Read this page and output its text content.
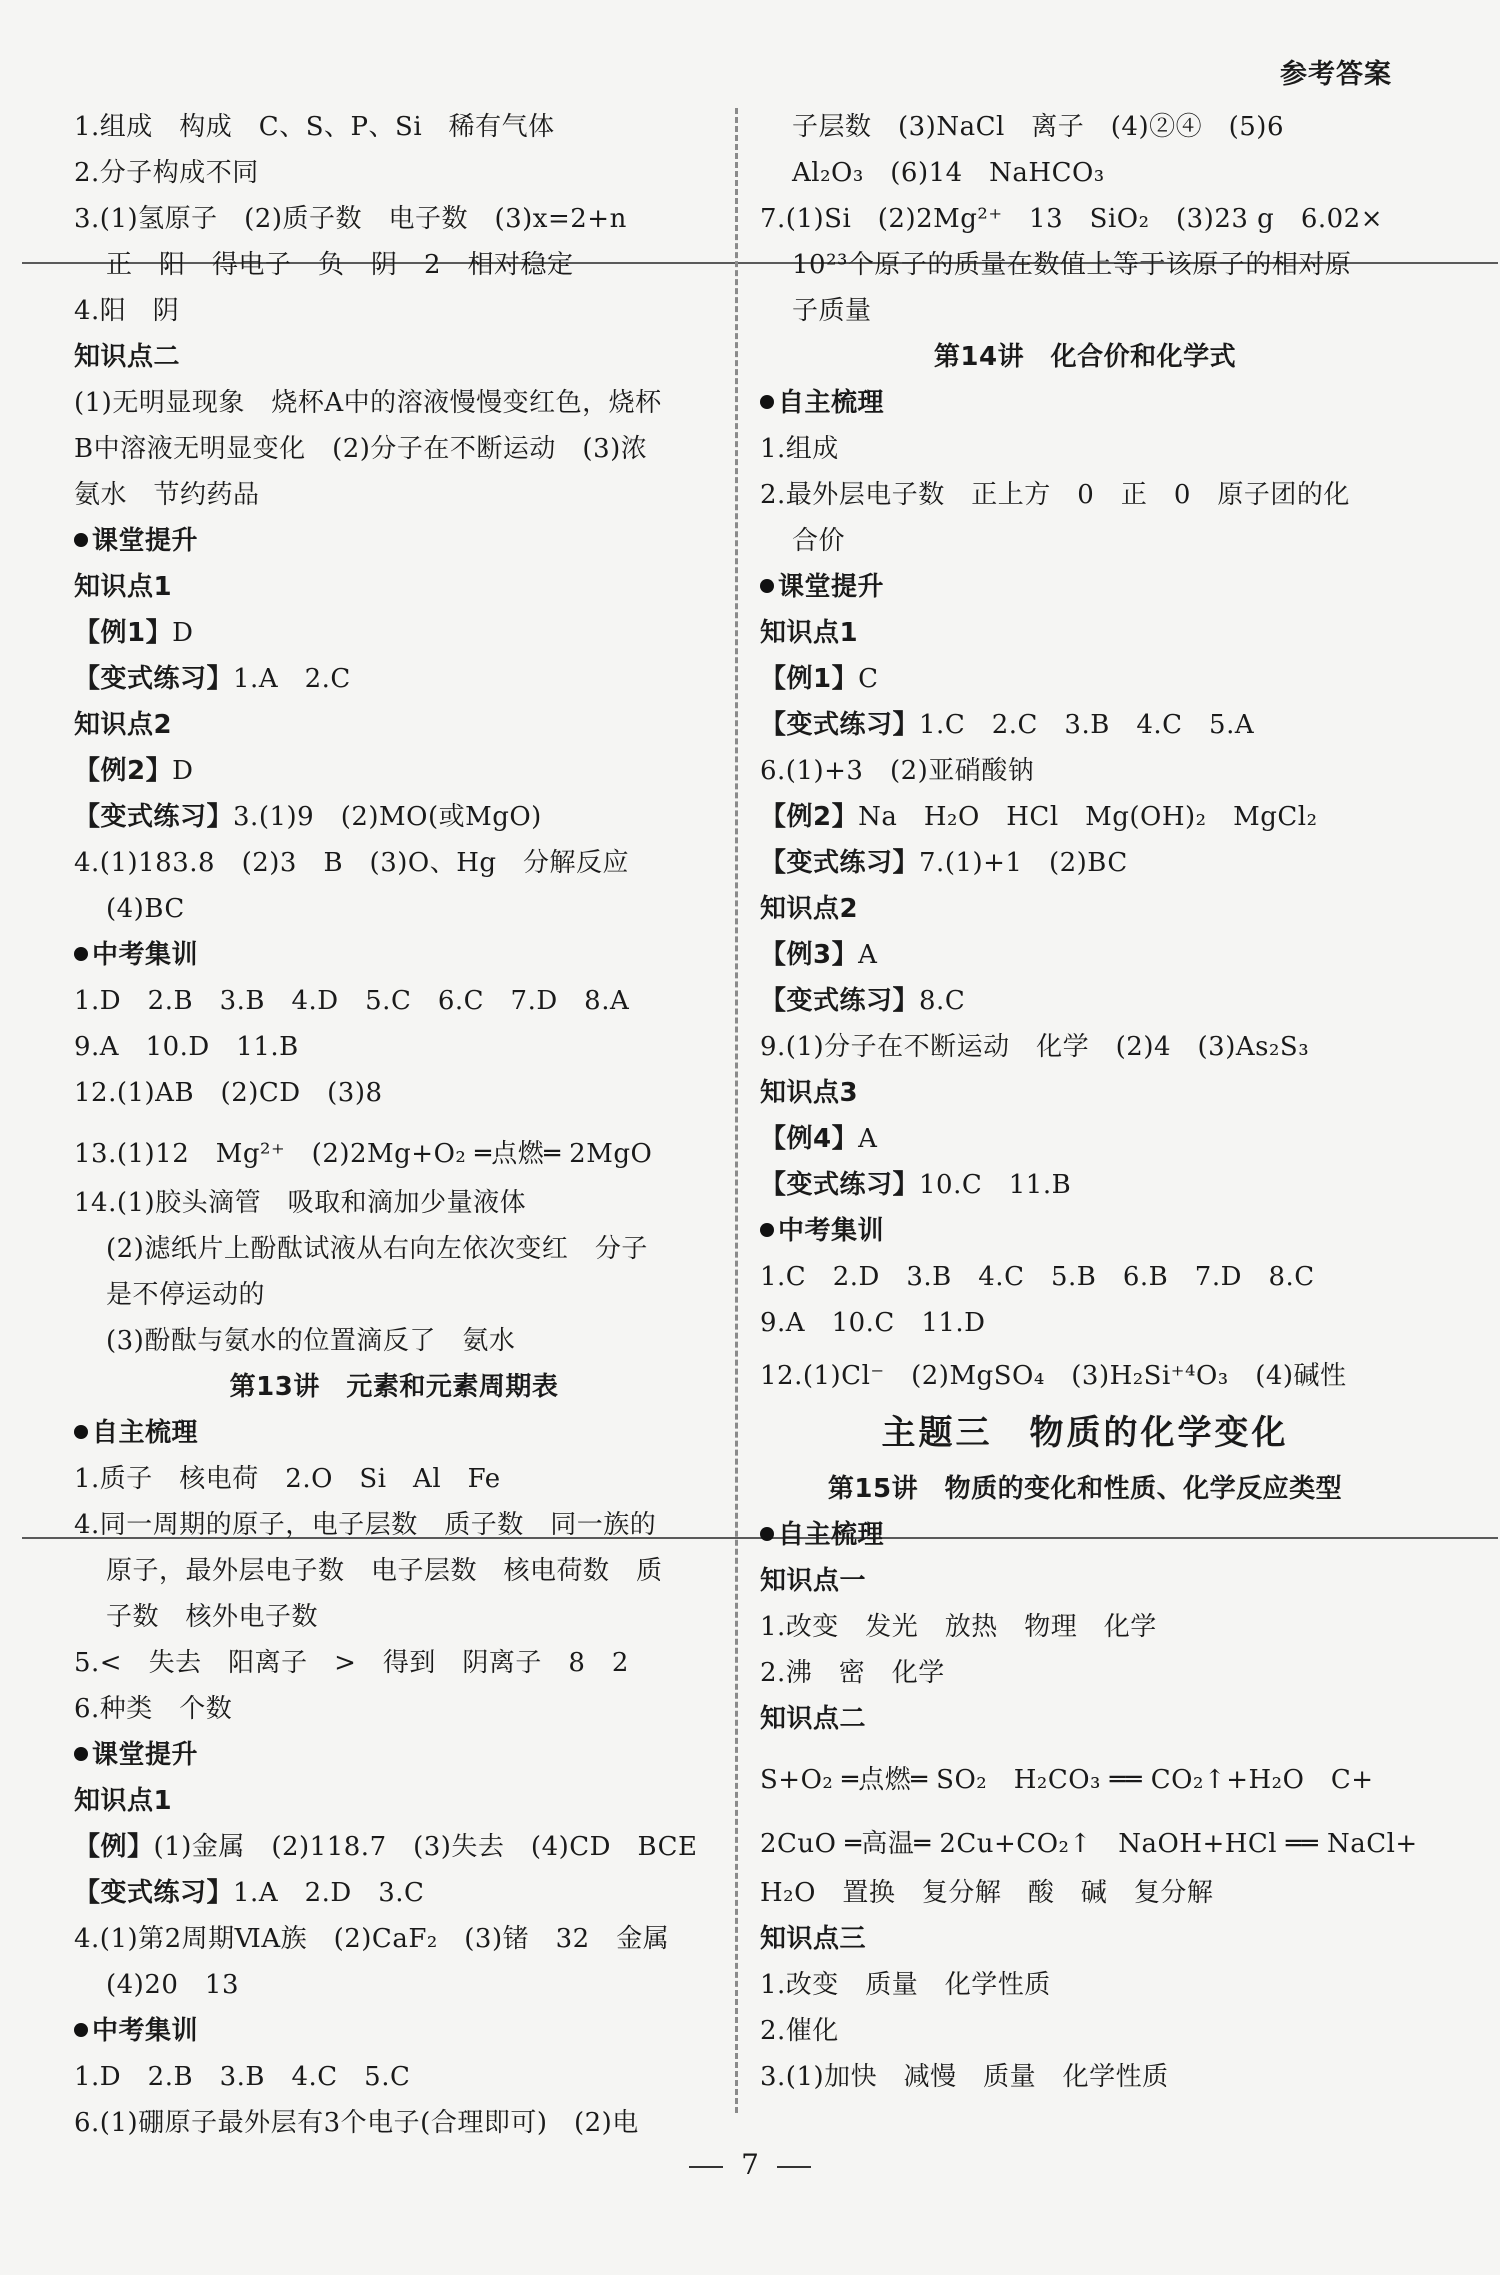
参考答案
1.组成　构成　C、S、P、Si　稀有气体
2.分子构成不同
3.(1)氢原子　(2)质子数　电子数　(3)x=2+n
正　阳　得电子　负　阴　2　相对稳定
4.阳　阴
知识点二
(1)无明显现象　烧杯A中的溶液慢慢变红色，烧杯
B中溶液无明显变化　(2)分子在不断运动　(3)浓
氨水　节约药品
课堂提升
知识点1
【例1】D
【变式练习】1.A　2.C
知识点2
【例2】D
【变式练习】3.(1)9　(2)MO(或MgO)
4.(1)183.8　(2)3　B　(3)O、Hg　分解反应
(4)BC
中考集训
1.D　2.B　3.B　4.D　5.C　6.C　7.D　8.A
9.A　10.D　11.B
12.(1)AB　(2)CD　(3)8
13.(1)12　Mg²⁺　(2)2Mg+O₂ ═点燃═ 2MgO
14.(1)胶头滴管　吸取和滴加少量液体
(2)滤纸片上酚酞试液从右向左依次变红　分子
是不停运动的
(3)酚酞与氨水的位置滴反了　氨水
第13讲　元素和元素周期表
自主梳理
1.质子　核电荷　2.O　Si　Al　Fe
4.同一周期的原子，电子层数　质子数　同一族的
原子，最外层电子数　电子层数　核电荷数　质
子数　核外电子数
5.<　失去　阳离子　>　得到　阴离子　8　2
6.种类　个数
课堂提升
知识点1
【例】(1)金属　(2)118.7　(3)失去　(4)CD　BCE
【变式练习】1.A　2.D　3.C
4.(1)第2周期ⅥA族　(2)CaF₂　(3)锗　32　金属
(4)20　13
中考集训
1.D　2.B　3.B　4.C　5.C
6.(1)硼原子最外层有3个电子(合理即可)　(2)电
子层数　(3)NaCl　离子　(4)②④　(5)6
Al₂O₃　(6)14　NaHCO₃
7.(1)Si　(2)2Mg²⁺　13　SiO₂　(3)23 g　6.02×
10²³个原子的质量在数值上等于该原子的相对原
子质量
第14讲　化合价和化学式
自主梳理
1.组成
2.最外层电子数　正上方　0　正　0　原子团的化
合价
课堂提升
知识点1
【例1】C
【变式练习】1.C　2.C　3.B　4.C　5.A
6.(1)+3　(2)亚硝酸钠
【例2】Na　H₂O　HCl　Mg(OH)₂　MgCl₂
【变式练习】7.(1)+1　(2)BC
知识点2
【例3】A
【变式练习】8.C
9.(1)分子在不断运动　化学　(2)4　(3)As₂S₃
知识点3
【例4】A
【变式练习】10.C　11.B
中考集训
1.C　2.D　3.B　4.C　5.B　6.B　7.D　8.C
9.A　10.C　11.D
12.(1)Cl⁻　(2)MgSO₄　(3)H₂Si⁺⁴O₃　(4)碱性
主题三　物质的化学变化
第15讲　物质的变化和性质、化学反应类型
自主梳理
知识点一
1.改变　发光　放热　物理　化学
2.沸　密　化学
知识点二
S+O₂ ═点燃═ SO₂　H₂CO₃ ══ CO₂↑+H₂O　C+
2CuO ═高温═ 2Cu+CO₂↑　NaOH+HCl ══ NaCl+
H₂O　置换　复分解　酸　碱　复分解
知识点三
1.改变　质量　化学性质
2.催化
3.(1)加快　减慢　质量　化学性质
7
